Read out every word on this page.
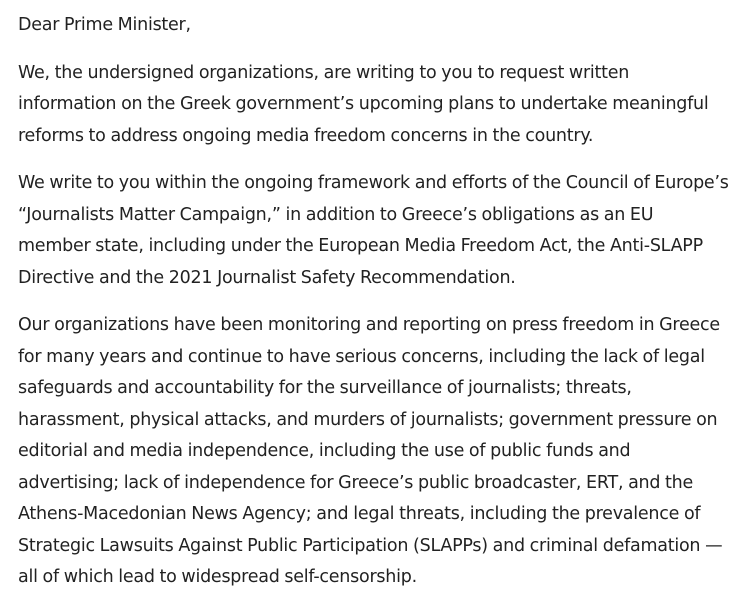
Dear Prime Minister,

We, the undersigned organizations, are writing to you to request written information on the Greek government’s upcoming plans to undertake meaningful reforms to address ongoing media freedom concerns in the country.

We write to you within the ongoing framework and efforts of the Council of Europe’s “Journalists Matter Campaign,” in addition to Greece’s obligations as an EU member state, including under the European Media Freedom Act, the Anti-SLAPP Directive and the 2021 Journalist Safety Recommendation.

Our organizations have been monitoring and reporting on press freedom in Greece for many years and continue to have serious concerns, including the lack of legal safeguards and accountability for the surveillance of journalists; threats, harassment, physical attacks, and murders of journalists; government pressure on editorial and media independence, including the use of public funds and advertising; lack of independence for Greece’s public broadcaster, ERT, and the Athens-Macedonian News Agency; and legal threats, including the prevalence of Strategic Lawsuits Against Public Participation (SLAPPs) and criminal defamation — all of which lead to widespread self-censorship.
